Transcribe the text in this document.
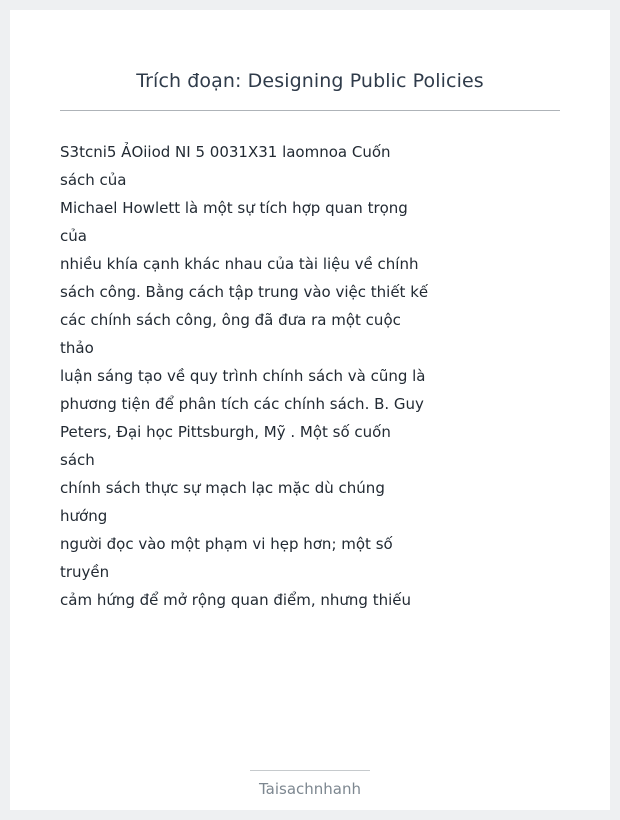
Trích đoạn: Designing Public Policies
S3tcni5 ẢOiiod NI 5 0031X31 laomnoa Cuốn sách của
Michael Howlett là một sự tích hợp quan trọng của
nhiều khía cạnh khác nhau của tài liệu về chính
sách công. Bằng cách tập trung vào việc thiết kế
các chính sách công, ông đã đưa ra một cuộc thảo
luận sáng tạo về quy trình chính sách và cũng là
phương tiện để phân tích các chính sách. B. Guy
Peters, Đại học Pittsburgh, Mỹ . Một số cuốn sách
chính sách thực sự mạch lạc mặc dù chúng hướng
người đọc vào một phạm vi hẹp hơn; một số truyền
cảm hứng để mở rộng quan điểm, nhưng thiếu
Taisachnhanh
